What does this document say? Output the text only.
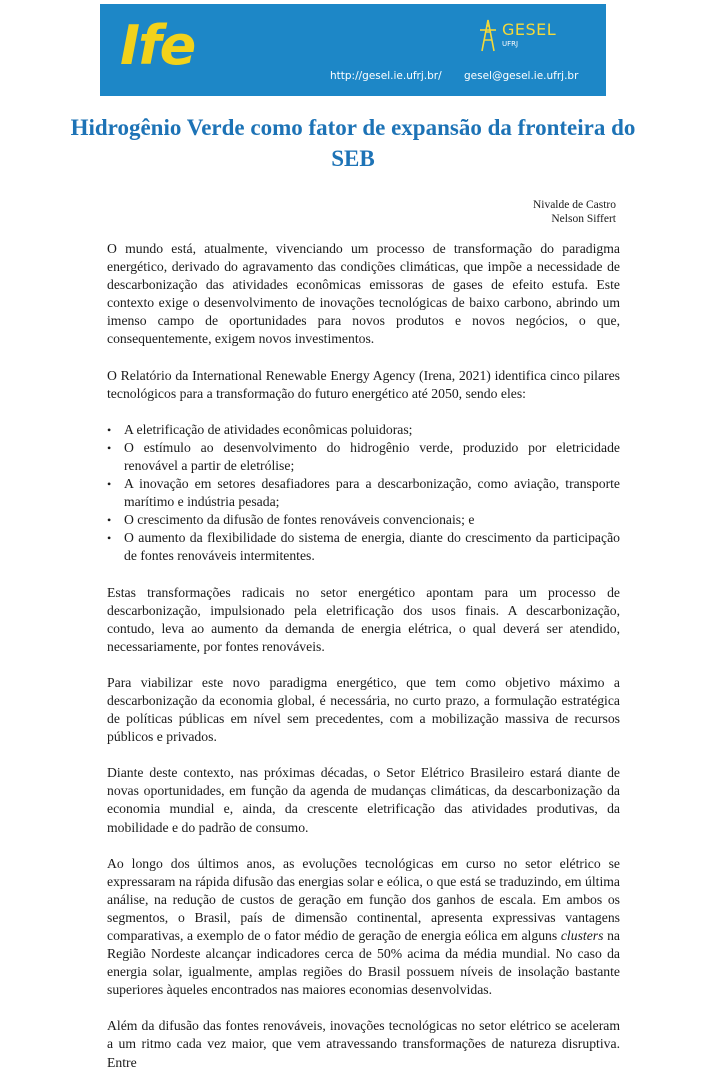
Ife	GESEL
UFRJ
http://gesel.ie.ufrj.br/ gesel@gesel.ie.ufrj.br
Hidrogênio Verde como fator de expansão da fronteira do SEB
Nivalde de Castro
Nelson Siffert

O mundo está, atualmente, vivenciando um processo de transformação do paradigma energético, derivado do agravamento das condições climáticas, que impõe a necessidade de descarbonização das atividades econômicas emissoras de gases de efeito estufa. Este contexto exige o desenvolvimento de inovações tecnológicas de baixo carbono, abrindo um imenso campo de oportunidades para novos produtos e novos negócios, o que, consequentemente, exigem novos investimentos.

O Relatório da International Renewable Energy Agency (Irena, 2021) identifica cinco pilares tecnológicos para a transformação do futuro energético até 2050, sendo eles:

• A eletrificação de atividades econômicas poluidoras;
• O estímulo ao desenvolvimento do hidrogênio verde, produzido por eletricidade renovável a partir de eletrólise;
• A inovação em setores desafiadores para a descarbonização, como aviação, transporte marítimo e indústria pesada;
• O crescimento da difusão de fontes renováveis convencionais; e
• O aumento da flexibilidade do sistema de energia, diante do crescimento da participação de fontes renováveis intermitentes.

Estas transformações radicais no setor energético apontam para um processo de descarbonização, impulsionado pela eletrificação dos usos finais. A descarbonização, contudo, leva ao aumento da demanda de energia elétrica, o qual deverá ser atendido, necessariamente, por fontes renováveis.

Para viabilizar este novo paradigma energético, que tem como objetivo máximo a descarbonização da economia global, é necessária, no curto prazo, a formulação estratégica de políticas públicas em nível sem precedentes, com a mobilização massiva de recursos públicos e privados.

Diante deste contexto, nas próximas décadas, o Setor Elétrico Brasileiro estará diante de novas oportunidades, em função da agenda de mudanças climáticas, da descarbonização da economia mundial e, ainda, da crescente eletrificação das atividades produtivas, da mobilidade e do padrão de consumo.

Ao longo dos últimos anos, as evoluções tecnológicas em curso no setor elétrico se expressaram na rápida difusão das energias solar e eólica, o que está se traduzindo, em última análise, na redução de custos de geração em função dos ganhos de escala. Em ambos os segmentos, o Brasil, país de dimensão continental, apresenta expressivas vantagens comparativas, a exemplo de o fator médio de geração de energia eólica em alguns clusters na Região Nordeste alcançar indicadores cerca de 50% acima da média mundial. No caso da energia solar, igualmente, amplas regiões do Brasil possuem níveis de insolação bastante superiores àqueles encontrados nas maiores economias desenvolvidas.

Além da difusão das fontes renováveis, inovações tecnológicas no setor elétrico se aceleram a um ritmo cada vez maior, que vem atravessando transformações de natureza disruptiva. Entre
